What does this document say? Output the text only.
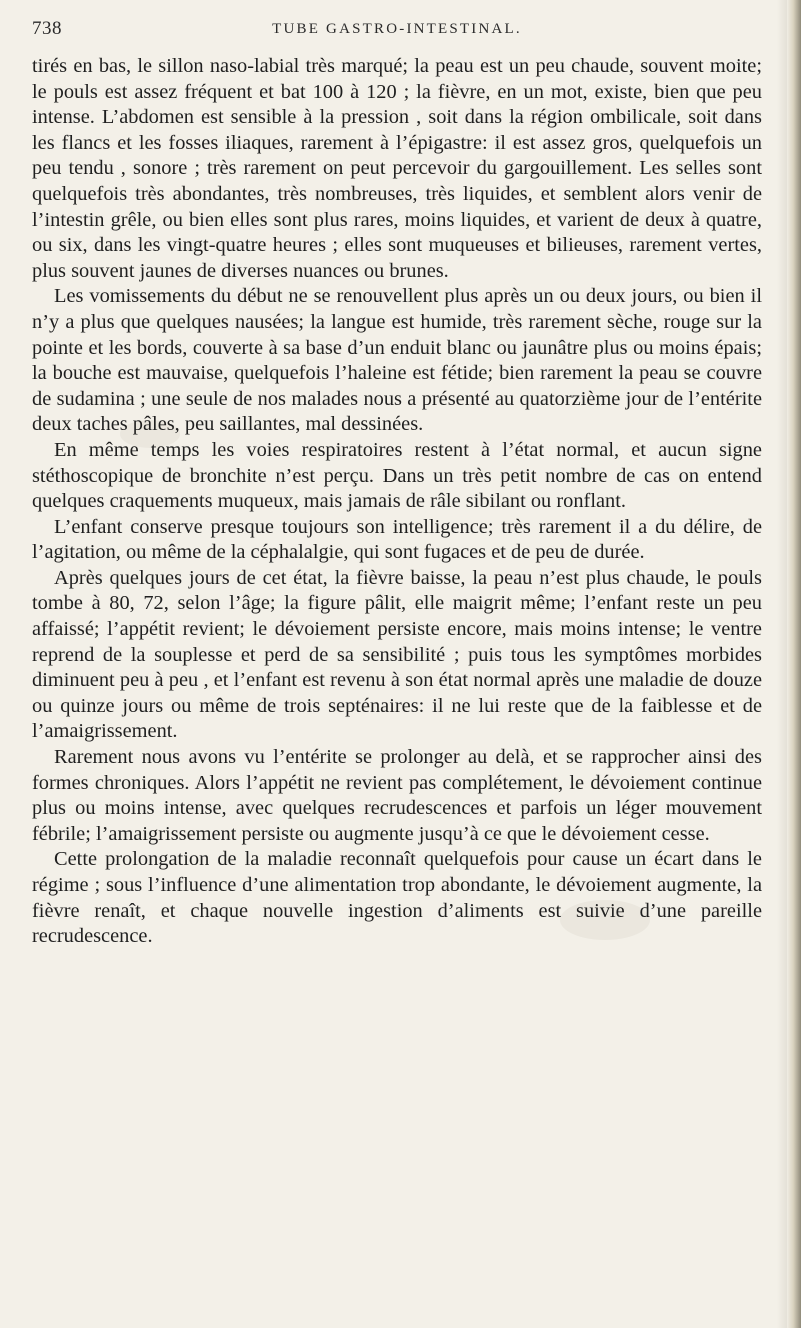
738	TUBE GASTRO-INTESTINAL.

tirés en bas, le sillon naso-labial très marqué; la peau est un peu chaude, souvent moite; le pouls est assez fréquent et bat 100 à 120 ; la fièvre, en un mot, existe, bien que peu intense. L’abdomen est sensible à la pression , soit dans la région ombilicale, soit dans les flancs et les fosses iliaques, rarement à l’épigastre: il est assez gros, quelquefois un peu tendu , sonore ; très rarement on peut percevoir du gargouillement. Les selles sont quelquefois très abondantes, très nombreuses, très liquides, et semblent alors venir de l’intestin grêle, ou bien elles sont plus rares, moins liquides, et varient de deux à quatre, ou six, dans les vingt-quatre heures ; elles sont muqueuses et bilieuses, rarement vertes, plus souvent jaunes de diverses nuances ou brunes.

Les vomissements du début ne se renouvellent plus après un ou deux jours, ou bien il n’y a plus que quelques nausées; la langue est humide, très rarement sèche, rouge sur la pointe et les bords, couverte à sa base d’un enduit blanc ou jaunâtre plus ou moins épais; la bouche est mauvaise, quelquefois l’haleine est fétide; bien rarement la peau se couvre de sudamina ; une seule de nos malades nous a présenté au quatorzième jour de l’entérite deux taches pâles, peu saillantes, mal dessinées.

En même temps les voies respiratoires restent à l’état normal, et aucun signe stéthoscopique de bronchite n’est perçu. Dans un très petit nombre de cas on entend quelques craquements muqueux, mais jamais de râle sibilant ou ronflant.

L’enfant conserve presque toujours son intelligence; très rarement il a du délire, de l’agitation, ou même de la céphalalgie, qui sont fugaces et de peu de durée.

Après quelques jours de cet état, la fièvre baisse, la peau n’est plus chaude, le pouls tombe à 80, 72, selon l’âge; la figure pâlit, elle maigrit même; l’enfant reste un peu affaissé; l’appétit revient; le dévoiement persiste encore, mais moins intense; le ventre reprend de la souplesse et perd de sa sensibilité ; puis tous les symptômes morbides diminuent peu à peu , et l’enfant est revenu à son état normal après une maladie de douze ou quinze jours ou même de trois septénaires: il ne lui reste que de la faiblesse et de l’amaigrissement.

Rarement nous avons vu l’entérite se prolonger au delà, et se rapprocher ainsi des formes chroniques. Alors l’appétit ne revient pas complétement, le dévoiement continue plus ou moins intense, avec quelques recrudescences et parfois un léger mouvement fébrile; l’amaigrissement persiste ou augmente jusqu’à ce que le dévoiement cesse.

Cette prolongation de la maladie reconnaît quelquefois pour cause un écart dans le régime ; sous l’influence d’une alimentation trop abondante, le dévoiement augmente, la fièvre renaît, et chaque nouvelle ingestion d’aliments est suivie d’une pareille recrudescence.
